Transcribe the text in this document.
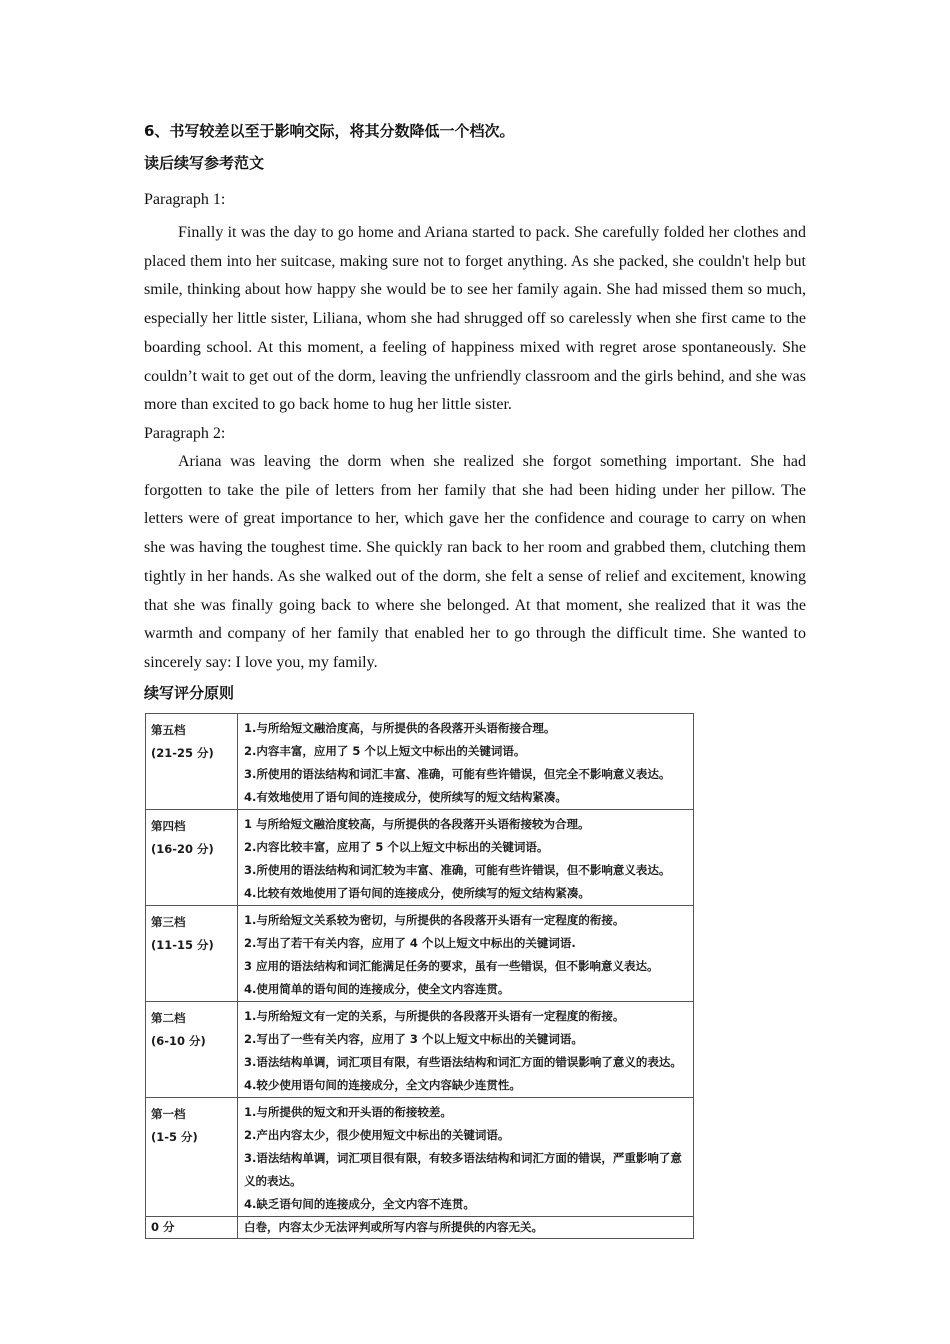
6、书写较差以至于影响交际，将其分数降低一个档次。
读后续写参考范文
Paragraph 1:
Finally it was the day to go home and Ariana started to pack. She carefully folded her clothes and placed them into her suitcase, making sure not to forget anything. As she packed, she couldn't help but smile, thinking about how happy she would be to see her family again. She had missed them so much, especially her little sister, Liliana, whom she had shrugged off so carelessly when she first came to the boarding school. At this moment, a feeling of happiness mixed with regret arose spontaneously. She couldn’t wait to get out of the dorm, leaving the unfriendly classroom and the girls behind, and she was more than excited to go back home to hug her little sister.
Paragraph 2:
Ariana was leaving the dorm when she realized she forgot something important. She had forgotten to take the pile of letters from her family that she had been hiding under her pillow. The letters were of great importance to her, which gave her the confidence and courage to carry on when she was having the toughest time. She quickly ran back to her room and grabbed them, clutching them tightly in her hands. As she walked out of the dorm, she felt a sense of relief and excitement, knowing that she was finally going back to where she belonged. At that moment, she realized that it was the warmth and company of her family that enabled her to go through the difficult time. She wanted to sincerely say: I love you, my family.
续写评分原则
第五档
(21-25 分)	1.与所给短文融洽度高，与所提供的各段落开头语衔接合理。
2.内容丰富，应用了 5 个以上短文中标出的关键词语。
3.所使用的语法结构和词汇丰富、准确，可能有些许错误，但完全不影响意义表达。
4.有效地使用了语句间的连接成分，使所续写的短文结构紧凑。

第四档
(16-20 分)	1 与所给短文融洽度较高，与所提供的各段落开头语衔接较为合理。
2.内容比较丰富，应用了 5 个以上短文中标出的关键词语。
3.所使用的语法结构和词汇较为丰富、准确，可能有些许错误，但不影响意义表达。
4.比较有效地使用了语句间的连接成分，使所续写的短文结构紧凑。

第三档
(11-15 分)	1.与所给短文关系较为密切，与所提供的各段落开头语有一定程度的衔接。
2.写出了若干有关内容，应用了 4 个以上短文中标出的关键词语.
3 应用的语法结构和词汇能满足任务的要求，虽有一些错误，但不影响意义表达。
4.使用简单的语句间的连接成分，使全文内容连贯。

第二档
(6-10 分)	1.与所给短文有一定的关系，与所提供的各段落开头语有一定程度的衔接。
2.写出了一些有关内容，应用了 3 个以上短文中标出的关键词语。
3.语法结构单调，词汇项目有限，有些语法结构和词汇方面的错误影响了意义的表达。
4.较少使用语句间的连接成分，全文内容缺少连贯性。

第一档
(1-5 分)	1.与所提供的短文和开头语的衔接较差。
2.产出内容太少，很少使用短文中标出的关键词语。
3.语法结构单调，词汇项目很有限，有较多语法结构和词汇方面的错误，严重影响了意义的表达。
4.缺乏语句间的连接成分，全文内容不连贯。

0 分	白卷，内容太少无法评判或所写内容与所提供的内容无关。
